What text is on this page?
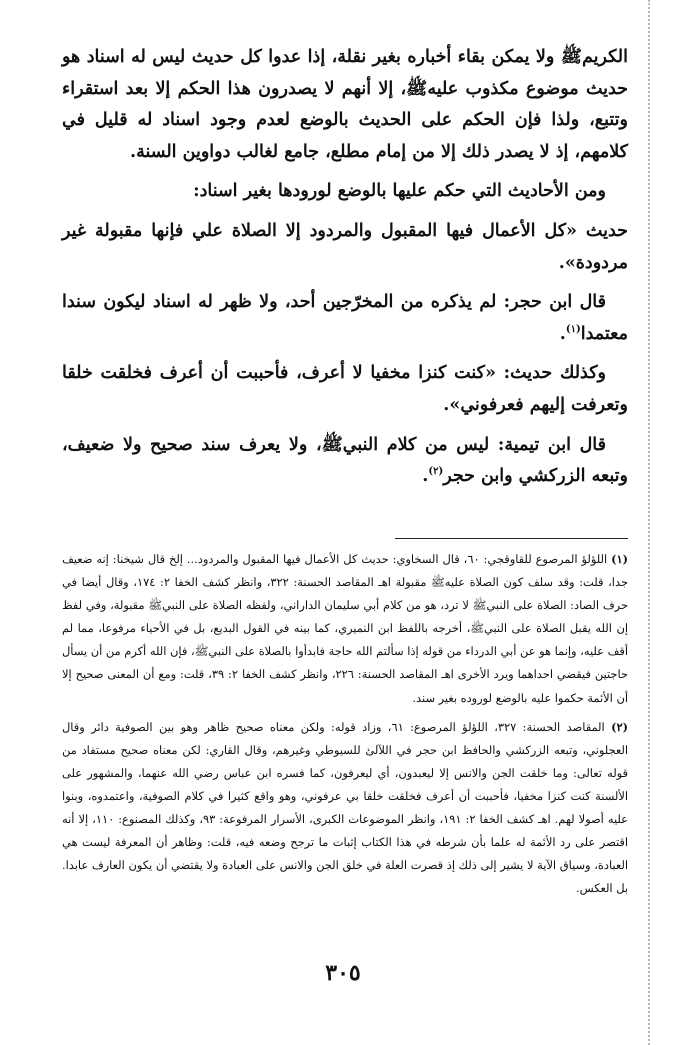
الكريمﷺ ولا يمكن بقاء أخباره بغير نقلة، إذا عدوا كل حديث ليس له اسناد هو حديث موضوع مكذوب عليهﷺ، إلا أنهم لا يصدرون هذا الحكم إلا بعد استقراء وتتبع، ولذا فإن الحكم على الحديث بالوضع لعدم وجود اسناد له قليل في كلامهم، إذ لا يصدر ذلك إلا من إمام مطلع، جامع لغالب دواوين السنة.

ومن الأحاديث التي حكم عليها بالوضع لورودها بغير اسناد:

حديث «كل الأعمال فيها المقبول والمردود إلا الصلاة علي فإنها مقبولة غير مردودة».

قال ابن حجر: لم يذكره من المخرّجين أحد، ولا ظهر له اسناد ليكون سندا معتمدا$^{(١)}$.

وكذلك حديث: «كنت كنزا مخفيا لا أعرف، فأحببت أن أعرف فخلقت خلقا وتعرفت إليهم فعرفوني».

قال ابن تيمية: ليس من كلام النبيﷺ، ولا يعرف سند صحيح ولا ضعيف، وتبعه الزركشي وابن حجر$^{(٢)}$.

(١) اللؤلؤ المرصوع للقاوقجي: ٦٠، قال السخاوي: حديث كل الأعمال فيها المقبول والمردود... إلخ قال شيخنا: إنه ضعيف جدا، قلت: وقد سلف كون الصلاة عليهﷺ مقبولة اهـ المقاصد الحسنة: ٣٢٢، وانظر كشف الخفا ٢: ١٧٤، وقال أيضا في حرف الصاد: الصلاة على النبيﷺ لا ترد، هو من كلام أبي سليمان الداراني، ولفظه الصلاة على النبيﷺ مقبولة، وفي لفظ إن الله يقبل الصلاة على النبيﷺ، أخرجه باللفظ ابن النميري، كما بينه في القول البديع، بل في الأحياء مرفوعا، مما لم أقف عليه، وإنما هو عن أبي الدرداء من قوله إذا سألتم الله حاجة فابدأوا بالصلاة على النبيﷺ، فإن الله أكرم من أن يسأل حاجتين فيقضي احداهما ويرد الأخرى اهـ المقاصد الحسنة: ٢٢٦، وانظر كشف الخفا ٢: ٣٩، قلت: ومع أن المعنى صحيح إلا أن الأئمة حكموا عليه بالوضع لوروده بغير سند.

(٢) المقاصد الحسنة: ٣٢٧، اللؤلؤ المرصوع: ٦١، وزاد قوله: ولكن معناه صحيح ظاهر وهو بين الصوفية دائر وقال العجلوني، وتبعه الزركشي والحافظ ابن حجر في اللآلئ للسيوطي وغيرهم، وقال القاري: لكن معناه صحيح مستفاد من قوله تعالى: وما خلقت الجن والانس إلا ليعبدون، أي ليعرفون، كما فسره ابن عباس رضي الله عنهما، والمشهور على الألسنة كنت كنزا مخفيا، فأحببت أن أعرف فخلقت خلقا بي عرفوني، وهو واقع كثيرا في كلام الصوفية، واعتمدوه، وبنوا عليه أصولا لهم. اهـ كشف الخفا ٢: ١٩١، وانظر الموضوعات الكبرى، الأسرار المرفوعة: ٩٣، وكذلك المصنوع: ١١٠، إلا أنه اقتصر على رد الأئمة له علما بأن شرطه في هذا الكتاب إثبات ما ترجح وضعه فيه، قلت: وظاهر أن المعرفة ليست هي العبادة، وسياق الآية لا يشير إلى ذلك إذ قصرت العلة في خلق الجن والانس على العبادة ولا يقتضي أن يكون العارف عابدا. بل العكس.

٣٠٥
